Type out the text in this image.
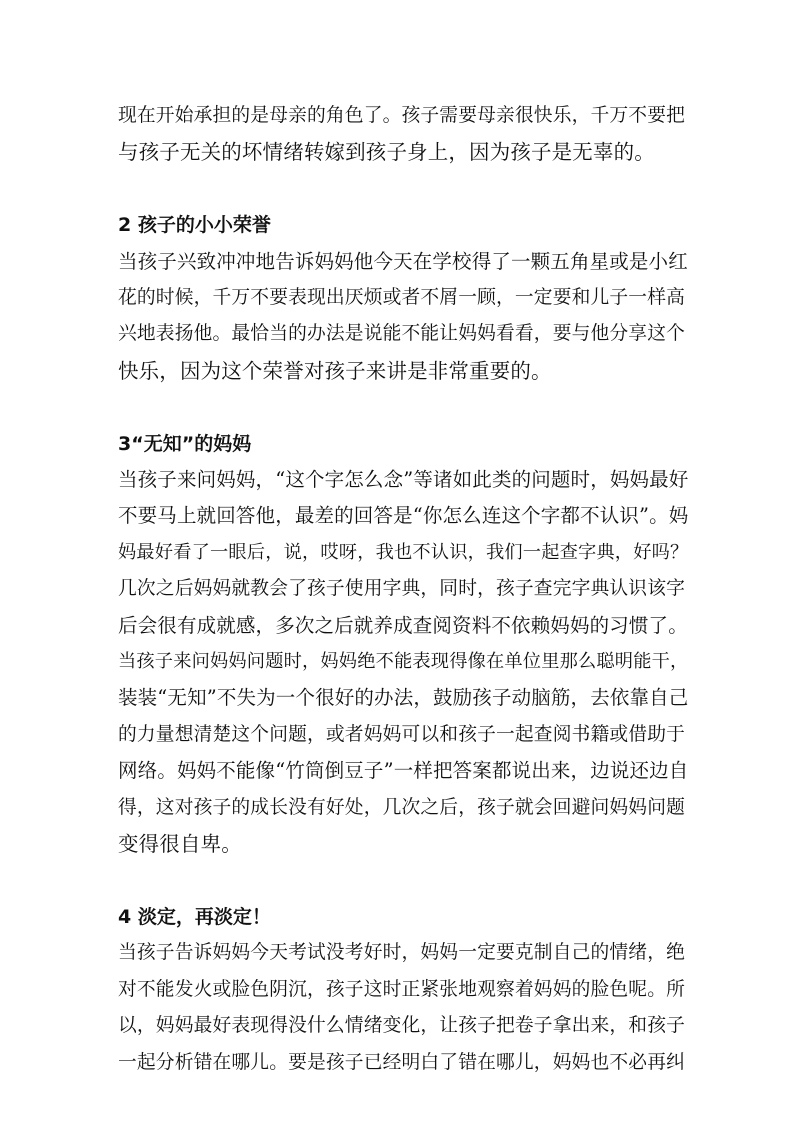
现在开始承担的是母亲的角色了。孩子需要母亲很快乐，千万不要把
与孩子无关的坏情绪转嫁到孩子身上，因为孩子是无辜的。

2 孩子的小小荣誉

当孩子兴致冲冲地告诉妈妈他今天在学校得了一颗五角星或是小红
花的时候，千万不要表现出厌烦或者不屑一顾，一定要和儿子一样高
兴地表扬他。最恰当的办法是说能不能让妈妈看看，要与他分享这个
快乐，因为这个荣誉对孩子来讲是非常重要的。

3“无知”的妈妈

当孩子来问妈妈，“这个字怎么念”等诸如此类的问题时，妈妈最好
不要马上就回答他，最差的回答是“你怎么连这个字都不认识”。妈
妈最好看了一眼后，说，哎呀，我也不认识，我们一起查字典，好吗？
几次之后妈妈就教会了孩子使用字典，同时，孩子查完字典认识该字
后会很有成就感，多次之后就养成查阅资料不依赖妈妈的习惯了。
当孩子来问妈妈问题时，妈妈绝不能表现得像在单位里那么聪明能干，
装装“无知”不失为一个很好的办法，鼓励孩子动脑筋，去依靠自己
的力量想清楚这个问题，或者妈妈可以和孩子一起查阅书籍或借助于
网络。妈妈不能像“竹筒倒豆子”一样把答案都说出来，边说还边自
得，这对孩子的成长没有好处，几次之后，孩子就会回避问妈妈问题
变得很自卑。

4 淡定，再淡定！

当孩子告诉妈妈今天考试没考好时，妈妈一定要克制自己的情绪，绝
对不能发火或脸色阴沉，孩子这时正紧张地观察着妈妈的脸色呢。所
以，妈妈最好表现得没什么情绪变化，让孩子把卷子拿出来，和孩子
一起分析错在哪儿。要是孩子已经明白了错在哪儿，妈妈也不必再纠
